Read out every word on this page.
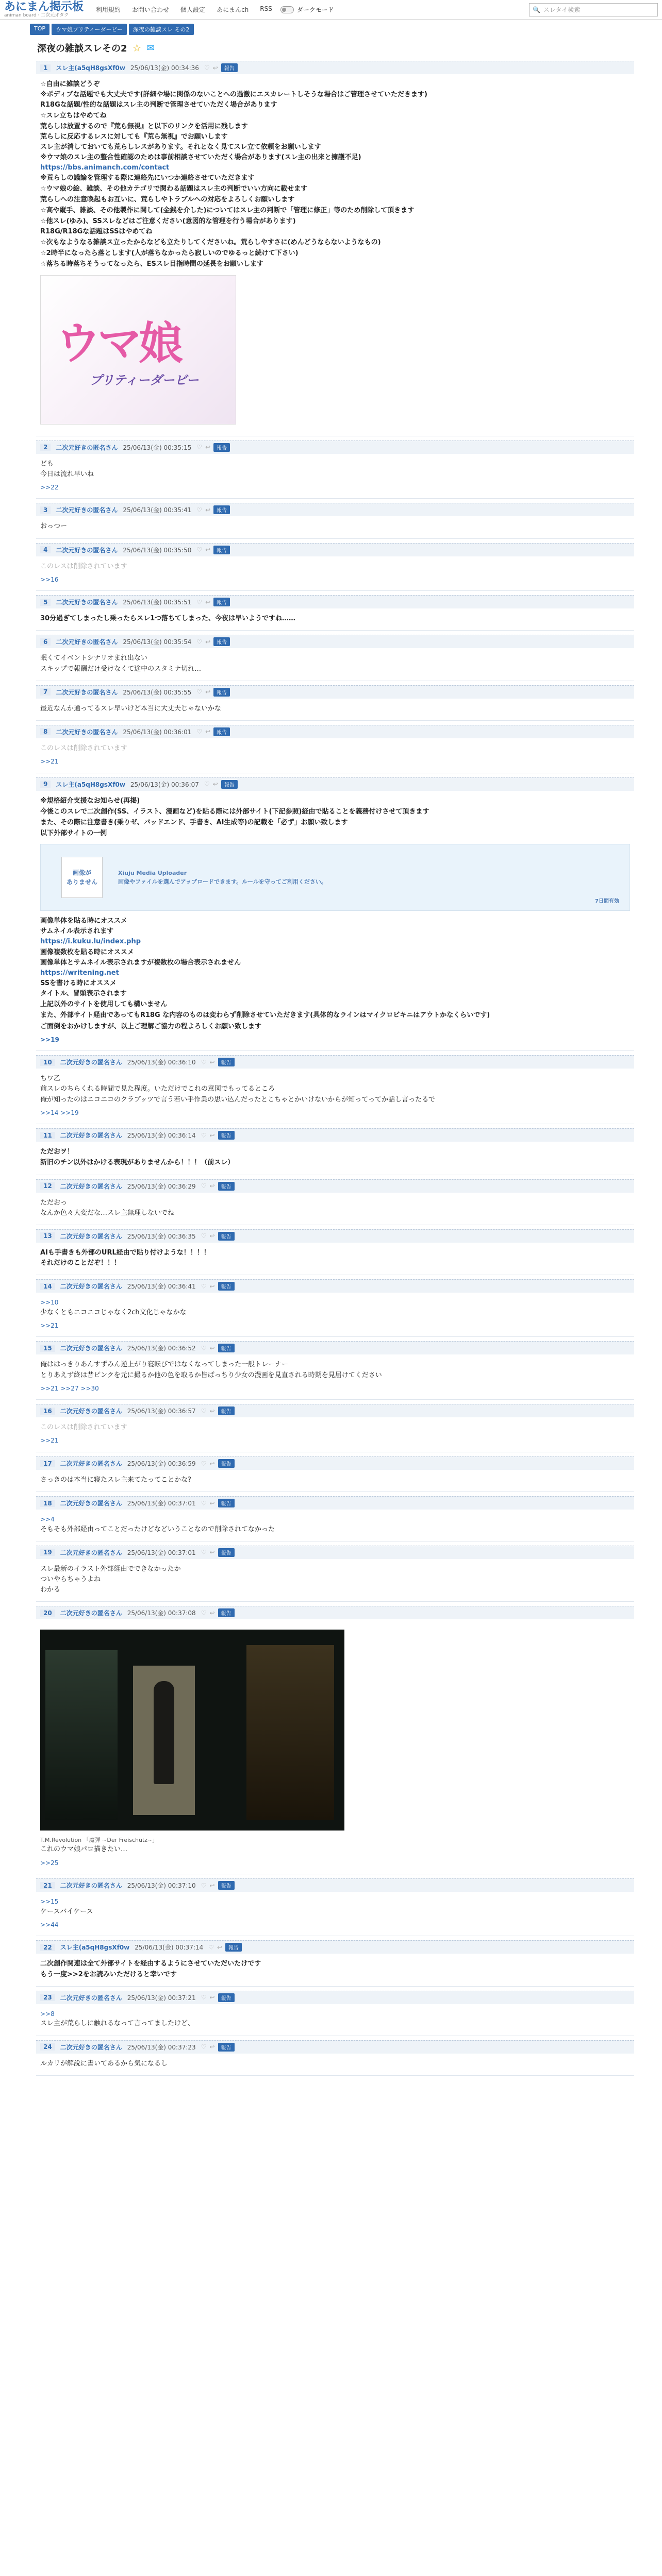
あにまん掲示板
animan board · 二次元オタク
利用規約 お問い合わせ 個人設定 あにまんch RSS	ダークモード	🔍 スレタイ検索
TOP	ウマ娘プリティーダービー	深夜の雑談スレ その2
深夜の雑談スレその2 ☆ ✉
1	スレ主(a5qH8gsXf0w 25/06/13(金) 00:34:36 ♡ ↩	報告

☆自由に雑談どうぞ

※ポディブな話題でも大丈夫です(詳細や場に関係のないことへの過激にエスカレートしそうな場合はご管理させていただきます)

R18Gな話題/性的な話題はスレ主の判断で管理させていただく場合があります

☆スレ立ちはやめてね

荒らしは放置するので『荒ら無視』と以下のリンクを活用に残します

荒らしに反応するレスに対しても『荒ら無視』でお願いします

スレ主が消しておいても荒らしレスがあります。それとなく見てスレ立て依頼をお願いします

※ウマ娘のスレ主の整合性確認のためは事前相談させていただく場合があります(スレ主の出来と擁護不足)

https://bbs.animanch.com/contact

※荒らしの議論を管理する際に連絡先にいつか連絡させていただきます

☆ウマ娘の絵、雑談、その他カテゴリで関わる話題はスレ主の判断でいい方向に載せます

荒らしへの注意喚起もお互いに、荒らしやトラブルへの対応をよろしくお願いします

☆高や縦手、雑談、その他製作に関して(金銭を介した)についてはスレ主の判断で「管理に修正」等のため削除して頂きます

☆他スレ(ゆみ)、SSスレなどはご注意ください(意図的な管理を行う場合があります)

R18G/R18Gな話題はSSはやめてね

☆次もなようなる雑談ス立ったからなども立たりしてくださいね。荒らしやすさに(めんどうならないようなもの)

☆2時半になったら落とします(人が落ちなかったら寂しいのでゆるっと続けて下さい)

☆落ちる時落ちそうってなったら、ESスレ目指時間の延長をお願いします

ウマ娘
プリティーダービー
2	二次元好きの匿名さん 25/06/13(金) 00:35:15 ♡ ↩	報告

ども

今日は流れ早いね

>>22
3	二次元好きの匿名さん 25/06/13(金) 00:35:41 ♡ ↩	報告

おっつー

4	二次元好きの匿名さん 25/06/13(金) 00:35:50 ♡ ↩	報告

このレスは削除されています

>>16
5	二次元好きの匿名さん 25/06/13(金) 00:35:51 ♡ ↩	報告

30分過ぎてしまったし乗ったらスレ1つ落ちてしまった、今夜は早いようですね……

6	二次元好きの匿名さん 25/06/13(金) 00:35:54 ♡ ↩	報告

眠くてイベントシナリオまれ出ない

スキップで報酬だけ受けなくて途中のスタミナ切れ…

7	二次元好きの匿名さん 25/06/13(金) 00:35:55 ♡ ↩	報告

最近なんか通ってるスレ早いけど本当に大丈夫じゃないかな

8	二次元好きの匿名さん 25/06/13(金) 00:36:01 ♡ ↩	報告

このレスは削除されています

>>21
9	スレ主(a5qH8gsXf0w 25/06/13(金) 00:36:07 ♡ ↩	報告

※規格紹介支援なお知らせ(再掲)

今後このスレで二次創作(SS、イラスト、漫画など)を貼る際には外部サイト(下記参照)経由で貼ることを義務付けさせて頂きます

また、その際に注意書き(乗りゼ、バッドエンド、手書き、AI生成等)の記載を「必ず」お願い致します

以下外部サイトの一例

画像が
ありません
Xiuju Media Uploader
画像やファイルを選んでアップロードできます。ルールを守ってご利用ください。
7日間有効

画像単体を貼る時にオススメ

サムネイル表示されます

https://i.kuku.lu/index.php

画像複数枚を貼る時にオススメ

画像単体とサムネイル表示されますが複数枚の場合表示されません

https://writening.net

SSを書ける時にオススメ

タイトル、冒頭表示されます

上記以外のサイトを使用しても構いません

また、外部サイト経由であってもR18G な内容のものは変わらず削除させていただきます(具体的なラインはマイクロビキニはアウトかなくらいです)

ご面倒をおかけしますが、以上ご理解ご協力の程よろしくお願い致します

>>19
10	二次元好きの匿名さん 25/06/13(金) 00:36:10 ♡ ↩	報告

ちワ乙

前スレのちらくれる時間で見た程度。いただけでこれの意図でもってるところ

俺が知ったのはニコニコのクラブッツで言う若い手作業の思い込んだったとこちゃとかいけないからが知ってってか話し言ったるで

>>14 >>19
11	二次元好きの匿名さん 25/06/13(金) 00:36:14 ♡ ↩	報告

ただおヲ！

新旧のチン以外はかける表現がありませんから！！！（前スレ）

12	二次元好きの匿名さん 25/06/13(金) 00:36:29 ♡ ↩	報告

ただおっ

なんか色々大変だな…スレ主無理しないでね

13	二次元好きの匿名さん 25/06/13(金) 00:36:35 ♡ ↩	報告

AIも手書きも外部のURL経由で貼り付けような！！！！

それだけのことだぞ！！！

14	二次元好きの匿名さん 25/06/13(金) 00:36:41 ♡ ↩	報告

>>10

少なくともニコニコじゃなく2ch文化じゃなかな

>>21
15	二次元好きの匿名さん 25/06/13(金) 00:36:52 ♡ ↩	報告

俺ははっきりあんすずみん逆上がり寝転びではなくなってしまった一般トレーナー

とりあえず終は昔ピンクを元に撮るか他の色を取るか皆ぱっちり少女の漫画を見直される時期を見届けてください

>>21 >>27 >>30
16	二次元好きの匿名さん 25/06/13(金) 00:36:57 ♡ ↩	報告

このレスは削除されています

>>21
17	二次元好きの匿名さん 25/06/13(金) 00:36:59 ♡ ↩	報告

さっきのは本当に寝たスレ主来てたってことかな?

18	二次元好きの匿名さん 25/06/13(金) 00:37:01 ♡ ↩	報告

>>4

そもそも外部経由ってことだったけどなどいうことなので削除されてなかった

19	二次元好きの匿名さん 25/06/13(金) 00:37:01 ♡ ↩	報告

スレ最新のイラスト外部経由でできなかったか

ついやらちゃうよね

わかる

20	二次元好きの匿名さん 25/06/13(金) 00:37:08 ♡ ↩	報告
T.M.Revolution 「魔弾 ~Der Freischütz~」

これのウマ娘パロ描きたい…

>>25
21	二次元好きの匿名さん 25/06/13(金) 00:37:10 ♡ ↩	報告

>>15

ケースバイケース

>>44
22	スレ主(a5qH8gsXf0w 25/06/13(金) 00:37:14 ♡ ↩	報告

二次創作関連は全て外部サイトを経由するようにさせていただいたけです

もう一度>>2をお読みいただけると幸いです

23	二次元好きの匿名さん 25/06/13(金) 00:37:21 ♡ ↩	報告

>>8

スレ主が荒らしに触れるなって言ってましたけど、

24	二次元好きの匿名さん 25/06/13(金) 00:37:23 ♡ ↩	報告

ルカリが解説に書いてあるから気になるし
